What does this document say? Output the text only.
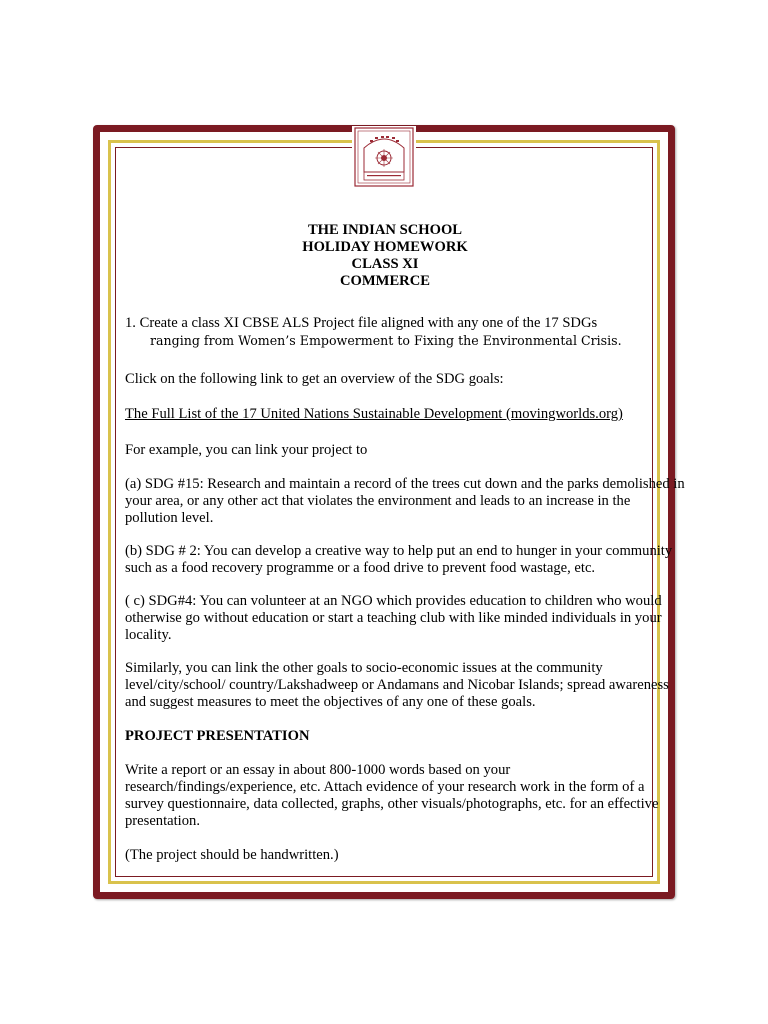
THE INDIAN SCHOOL
HOLIDAY HOMEWORK
CLASS XI
COMMERCE

1. Create a class XI CBSE ALS Project file aligned with any one of the 17 SDGs
ranging from Women’s Empowerment to Fixing the Environmental Crisis.

Click on the following link to get an overview of the SDG goals:

The Full List of the 17 United Nations Sustainable Development (movingworlds.org)

For example, you can link your project to

(a) SDG #15: Research and maintain a record of the trees cut down and the parks demolished in your area, or any other act that violates the environment and leads to an increase in the pollution level.

(b) SDG # 2: You can develop a creative way to help put an end to hunger in your community such as a food recovery programme or a food drive to prevent food wastage, etc.

( c) SDG#4: You can volunteer at an NGO which provides education to children who would otherwise go without education or start a teaching club with like minded individuals in your locality.

Similarly, you can link the other goals to socio-economic issues at the community level/city/school/ country/Lakshadweep or Andamans and Nicobar Islands; spread awareness and suggest measures to meet the objectives of any one of these goals.

PROJECT PRESENTATION

Write a report or an essay in about 800-1000 words based on your research/findings/experience, etc. Attach evidence of your research work in the form of a survey questionnaire, data collected, graphs, other visuals/photographs, etc. for an effective presentation.

(The project should be handwritten.)
